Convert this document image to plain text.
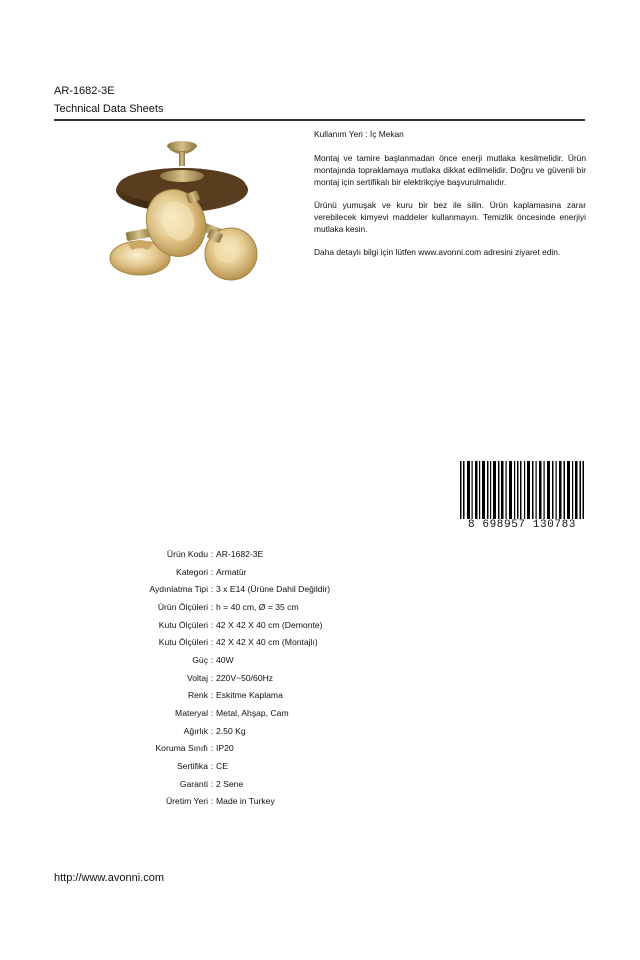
AR-1682-3E
Technical Data Sheets

Kullanım Yeri : İç Mekan

Montaj ve tamire başlanmadan önce enerji mutlaka kesilmelidir. Ürün montajında topraklamaya mutlaka dikkat edilmelidir. Doğru ve güvenli bir montaj için sertifikalı bir elektrikçiye başvurulmalıdır.

Ürünü yumuşak ve kuru bir bez ile silin. Ürün kaplamasına zarar verebilecek kimyevi maddeler kullanmayın. Temizlik öncesinde enerjiyi mutlaka kesin.

Daha detaylı bilgi için lütfen www.avonni.com adresini ziyaret edin.

8 698957 130783
Ürün Kodu : AR-1682-3E
Kategori : Armatür
Aydınlatma Tipi : 3 x E14 (Ürüne Dahil Değildir)
Ürün Ölçüleri : h = 40 cm, Ø = 35 cm
Kutu Ölçüleri : 42 X 42 X 40 cm (Demonte)
Kutu Ölçüleri : 42 X 42 X 40 cm (Montajlı)
Güç : 40W
Voltaj : 220V~50/60Hz
Renk : Eskitme Kaplama
Materyal : Metal, Ahşap, Cam
Ağırlık : 2.50 Kg
Koruma Sınıfı : IP20
Sertifika : CE
Garanti : 2 Sene
Üretim Yeri : Made in Turkey
http://www.avonni.com
